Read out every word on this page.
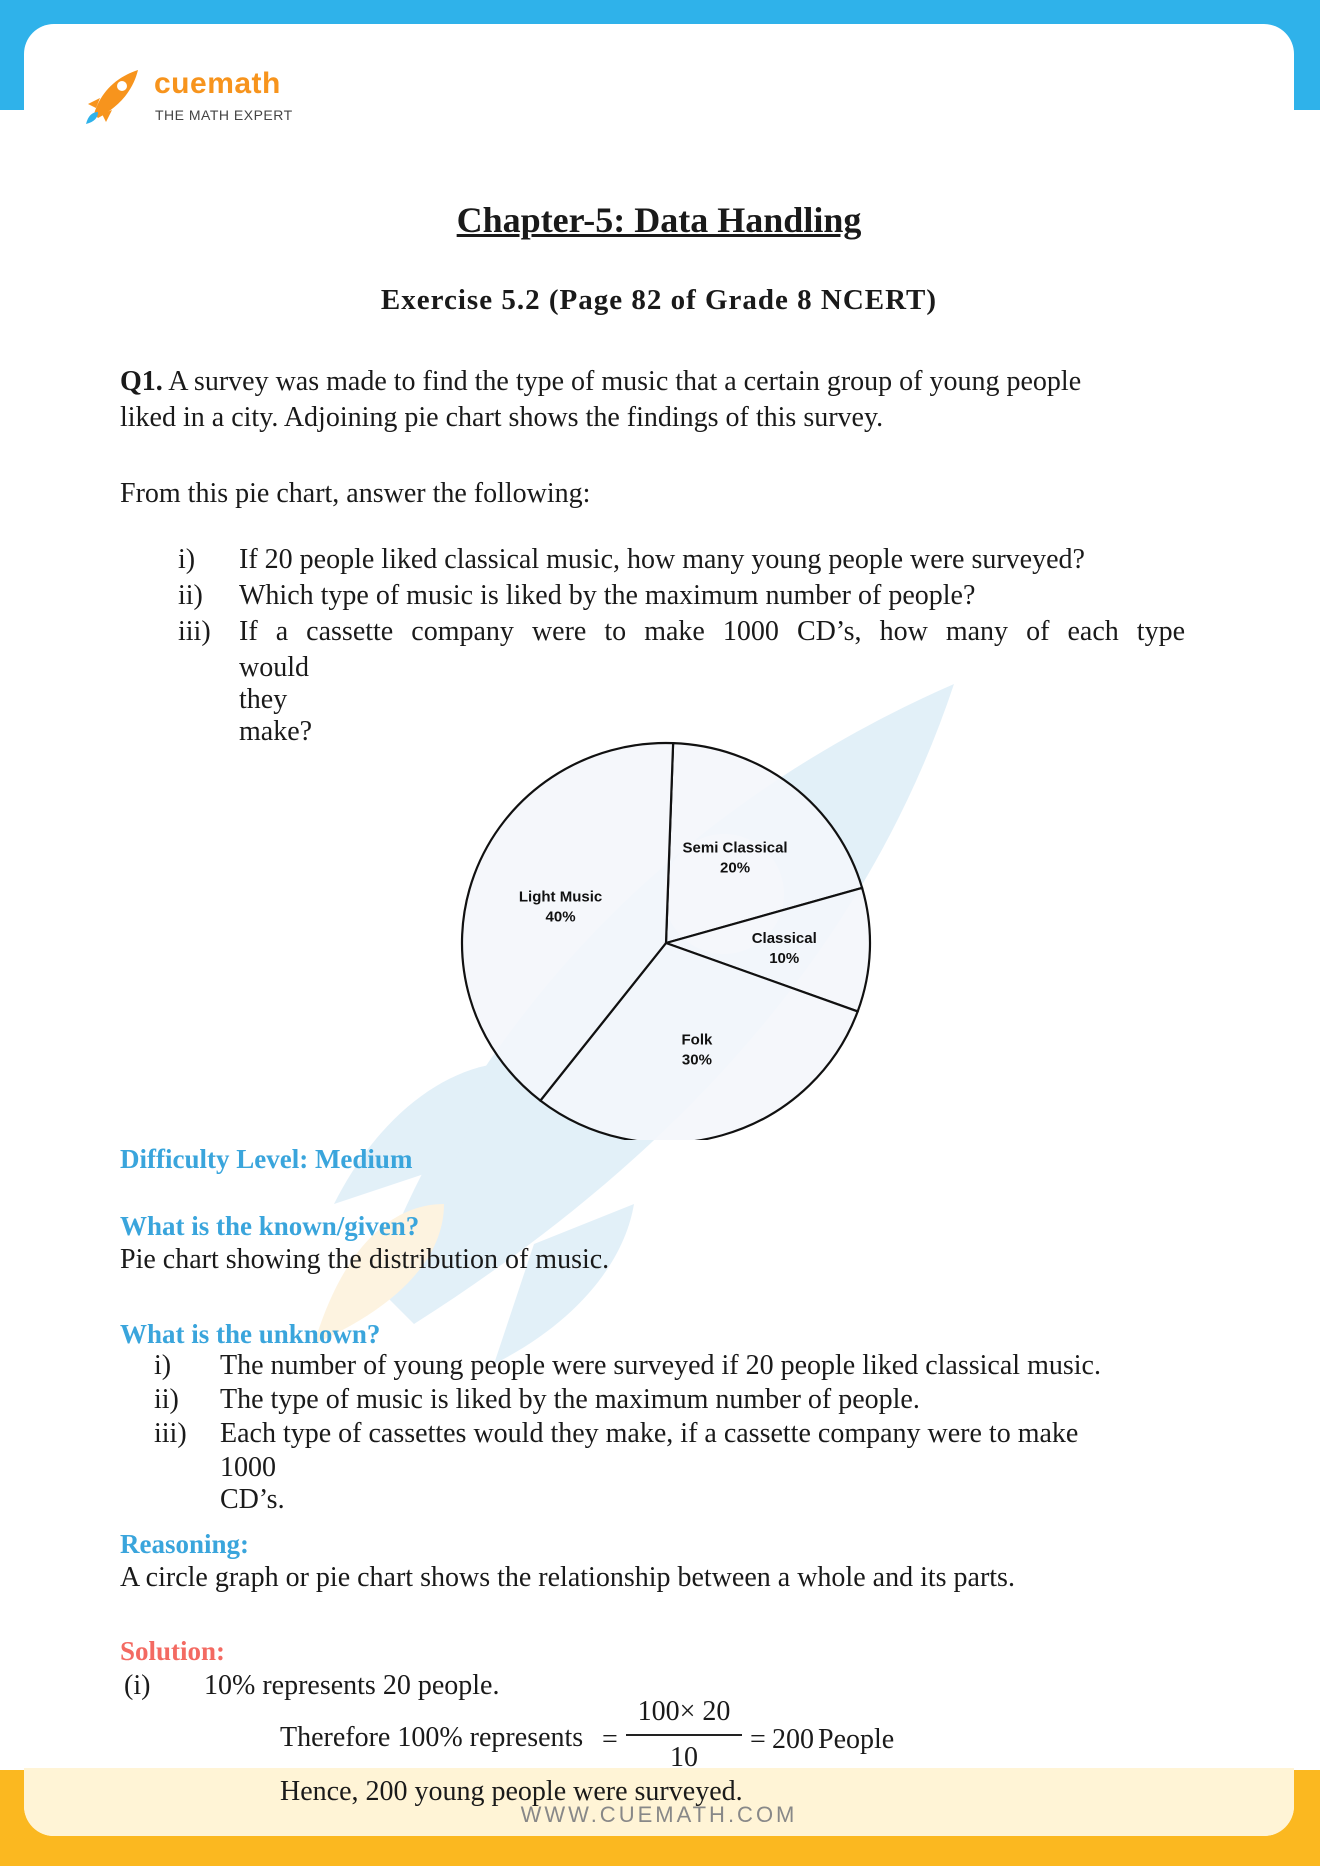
cuemath
THE MATH EXPERT
Chapter-5: Data Handling
Exercise 5.2 (Page 82 of Grade 8 NCERT)
Q1. A survey was made to find the type of music that a certain group of young people
liked in a city. Adjoining pie chart shows the findings of this survey.
From this pie chart, answer the following:
i) If 20 people liked classical music, how many young people were surveyed?
ii) Which type of music is liked by the maximum number of people?
iii) If a cassette company were to make 1000 CD’s, how many of each type
would they make?
Semi Classical
20%
Classical
10%
Folk
30%
Light Music
40%
Difficulty Level: Medium
What is the known/given?
Pie chart showing the distribution of music.
What is the unknown?
i) The number of young people were surveyed if 20 people liked classical music.
ii) The type of music is liked by the maximum number of people.
iii) Each type of cassettes would they make, if a cassette company were to make
1000 CD’s.
Reasoning:
A circle graph or pie chart shows the relationship between a whole and its parts.
Solution:
(i) 10% represents 20 people.
Therefore 100% represents =
100× 20
10
= 200 People
Hence, 200 young people were surveyed.
WWW.CUEMATH.COM
